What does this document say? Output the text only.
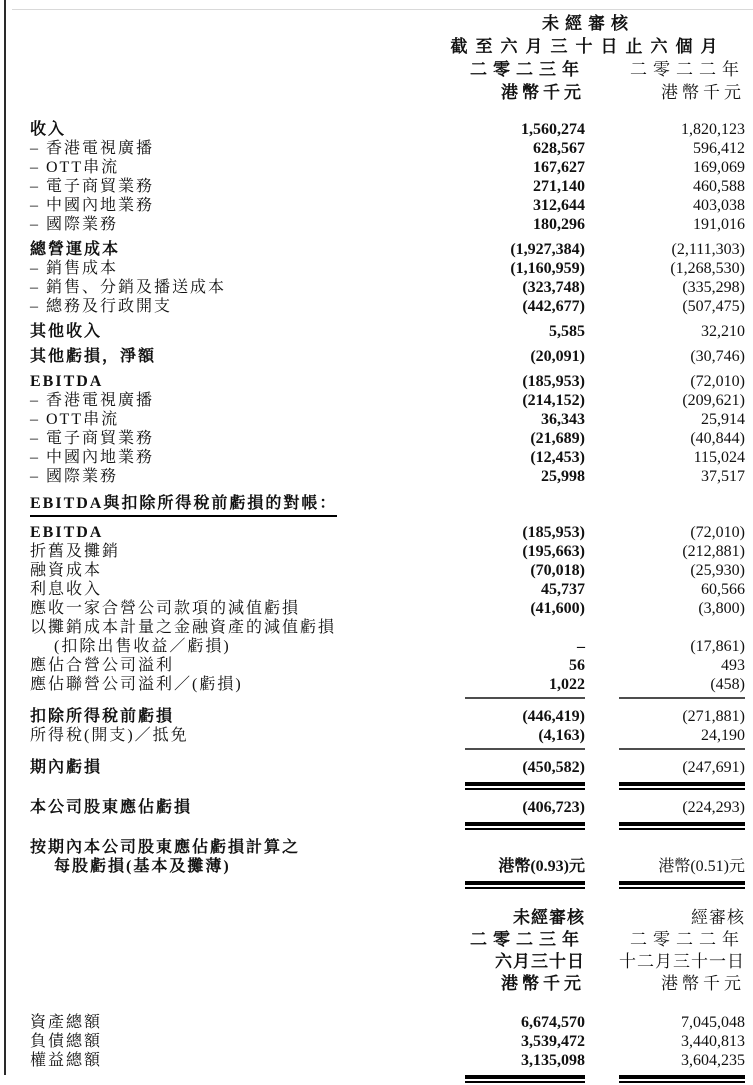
未經審核
截至六月三十日止六個月
二零二三年	二零二二年
港幣千元	港幣千元
收入	1,560,274	1,820,123
– 香港電視廣播	628,567	596,412
– OTT串流	167,627	169,069
– 電子商貿業務	271,140	460,588
– 中國內地業務	312,644	403,038
– 國際業務	180,296	191,016
總營運成本	(1,927,384)	(2,111,303)
– 銷售成本	(1,160,959)	(1,268,530)
– 銷售、分銷及播送成本	(323,748)	(335,298)
– 總務及行政開支	(442,677)	(507,475)
其他收入	5,585	32,210
其他虧損，淨額	(20,091)	(30,746)
EBITDA	(185,953)	(72,010)
– 香港電視廣播	(214,152)	(209,621)
– OTT串流	36,343	25,914
– 電子商貿業務	(21,689)	(40,844)
– 中國內地業務	(12,453)	115,024
– 國際業務	25,998	37,517
EBITDA與扣除所得稅前虧損的對帳：
EBITDA	(185,953)	(72,010)
折舊及攤銷	(195,663)	(212,881)
融資成本	(70,018)	(25,930)
利息收入	45,737	60,566
應收一家合營公司款項的減值虧損	(41,600)	(3,800)
以攤銷成本計量之金融資產的減值虧損
(扣除出售收益／虧損)	–	(17,861)
應佔合營公司溢利	56	493
應佔聯營公司溢利／(虧損)	1,022	(458)
扣除所得稅前虧損	(446,419)	(271,881)
所得稅(開支)／抵免	(4,163)	24,190
期內虧損	(450,582)	(247,691)
本公司股東應佔虧損	(406,723)	(224,293)
按期內本公司股東應佔虧損計算之
每股虧損(基本及攤薄)	港幣(0.93)元	港幣(0.51)元
未經審核	經審核
二零二三年	二零二二年
六月三十日	十二月三十一日
港幣千元	港幣千元
資產總額	6,674,570	7,045,048
負債總額	3,539,472	3,440,813
權益總額	3,135,098	3,604,235
